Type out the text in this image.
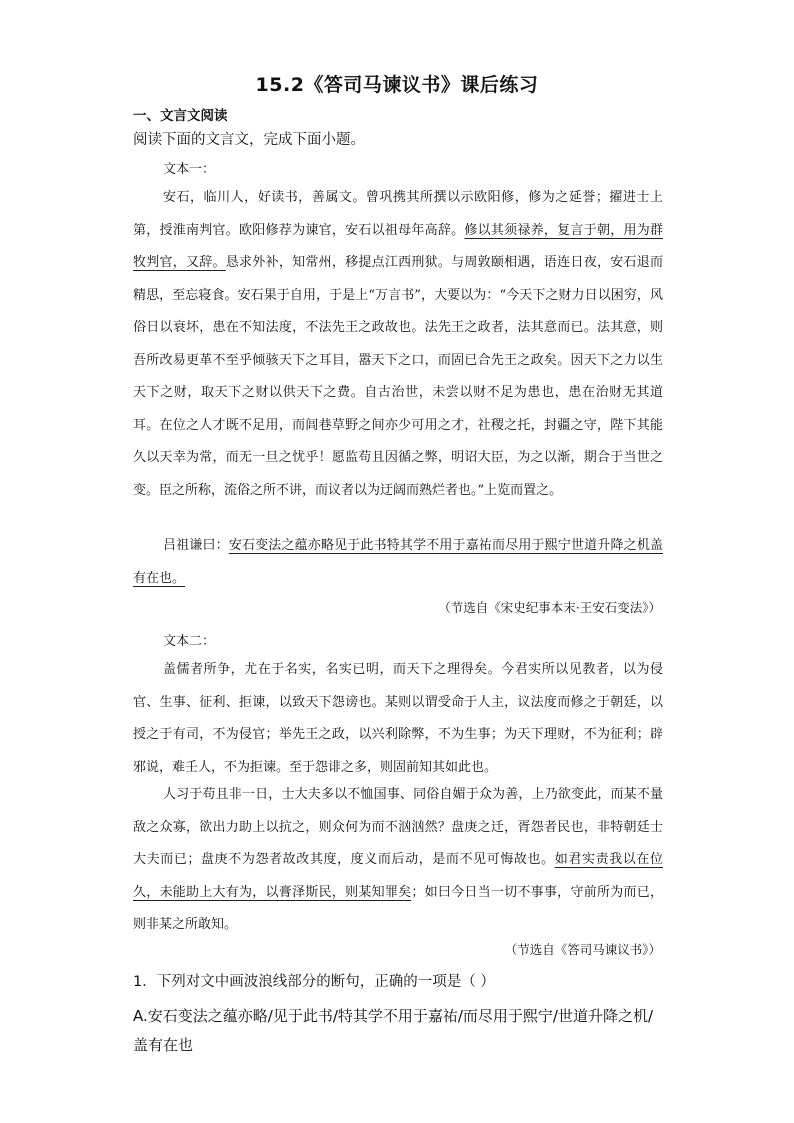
15.2《答司马谏议书》课后练习
一、文言文阅读
阅读下面的文言文，完成下面小题。
文本一：

安石，临川人，好读书，善属文。曾巩携其所撰以示欧阳修，修为之延誉；擢进士上第，授淮南判官。欧阳修荐为谏官，安石以祖母年高辞。修以其须禄养，复言于朝，用为群牧判官，又辞。恳求外补，知常州，移提点江西刑狱。与周敦颐相遇，语连日夜，安石退而精思，至忘寝食。安石果于自用，于是上“万言书”，大要以为：“今天下之财力日以困穷，风俗日以衰坏，患在不知法度，不法先王之政故也。法先王之政者，法其意而已。法其意，则吾所改易更革不至乎倾骇天下之耳目，嚣天下之口，而固已合先王之政矣。因天下之力以生天下之财，取天下之财以供天下之费。自古治世，未尝以财不足为患也，患在治财无其道耳。在位之人才既不足用，而闾巷草野之间亦少可用之才，社稷之托，封疆之守，陛下其能久以天幸为常，而无一旦之忧乎！愿监苟且因循之弊，明诏大臣，为之以渐，期合于当世之变。臣之所称，流俗之所不讲，而议者以为迂阔而熟烂者也。”上览而置之。

吕祖谦曰：安石变法之蕴亦略见于此书特其学不用于嘉祐而尽用于熙宁世道升降之机盖有在也。

（节选自《宋史纪事本末·王安石变法》）
文本二：

盖儒者所争，尤在于名实，名实已明，而天下之理得矣。今君实所以见教者，以为侵官、生事、征利、拒谏，以致天下怨谤也。某则以谓受命于人主，议法度而修之于朝廷，以授之于有司，不为侵官；举先王之政，以兴利除弊，不为生事；为天下理财，不为征利；辟邪说，难壬人，不为拒谏。至于怨诽之多，则固前知其如此也。

人习于苟且非一日，士大夫多以不恤国事、同俗自媚于众为善，上乃欲变此，而某不量敌之众寡，欲出力助上以抗之，则众何为而不汹汹然？盘庚之迁，胥怨者民也，非特朝廷士大夫而已；盘庚不为怨者故改其度，度义而后动，是而不见可悔故也。如君实责我以在位久，未能助上大有为，以膏泽斯民，则某知罪矣；如曰今日当一切不事事，守前所为而已，则非某之所敢知。

（节选自《答司马谏议书》）
1．下列对文中画波浪线部分的断句，正确的一项是（ ）

A.安石变法之蕴亦略/见于此书/特其学不用于嘉祐/而尽用于熙宁/世道升降之机/盖有在也
